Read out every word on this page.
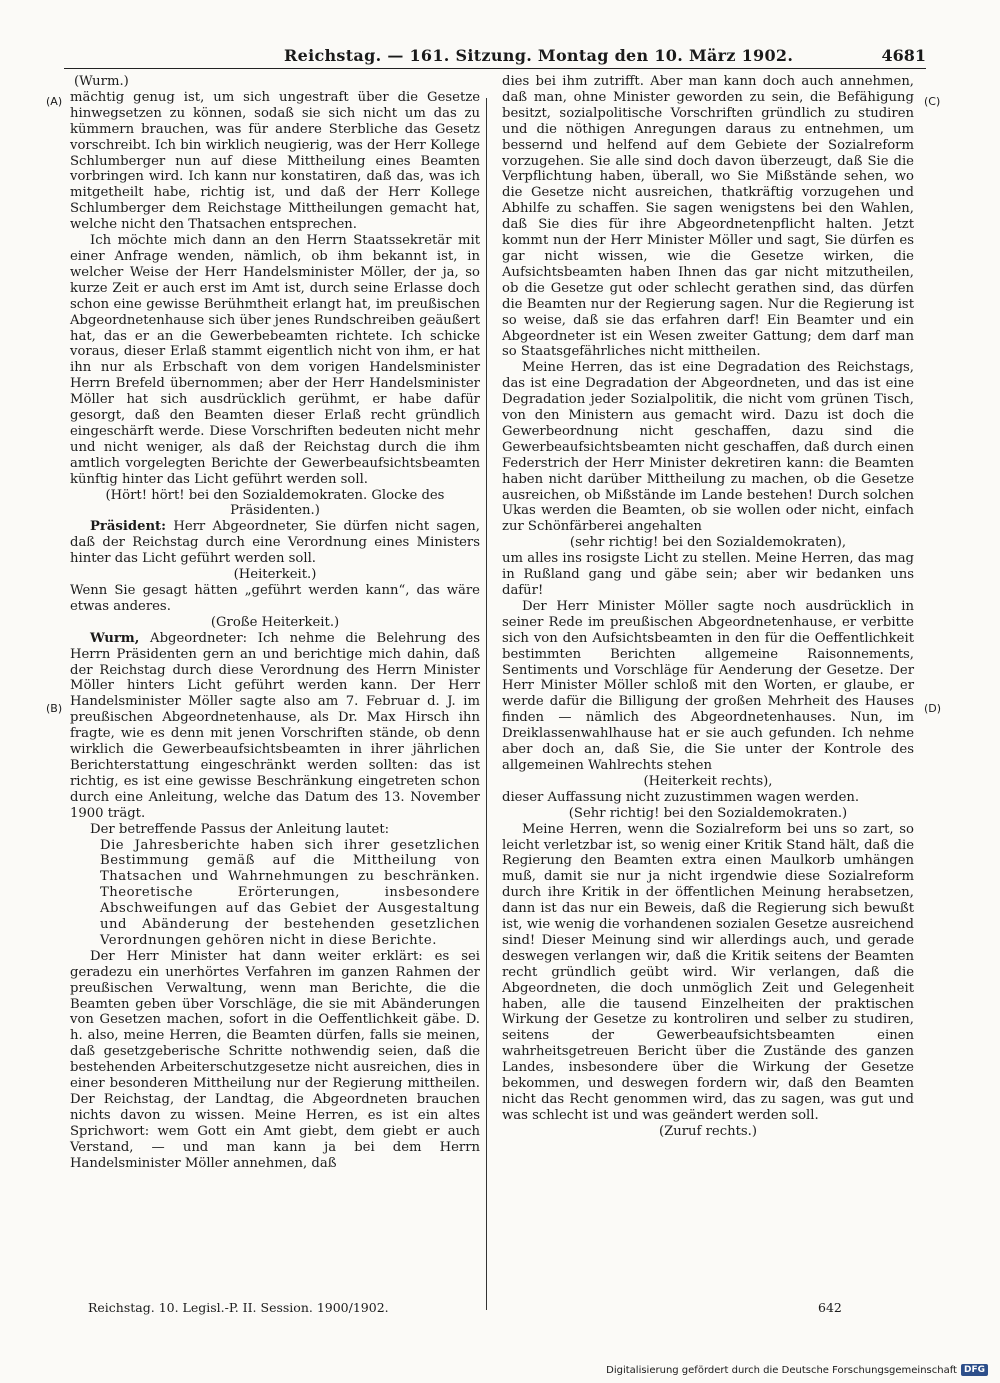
Reichstag. — 161. Sitzung. Montag den 10. März 1902.	4681
(A)
(B)
(C)
(D)

(Wurm.)

mächtig genug ist, um sich ungestraft über die Gesetze hinwegsetzen zu können, sodaß sie sich nicht um das zu kümmern brauchen, was für andere Sterbliche das Gesetz vorschreibt. Ich bin wirklich neugierig, was der Herr Kollege Schlumberger nun auf diese Mittheilung eines Beamten vorbringen wird. Ich kann nur konstatiren, daß das, was ich mitgetheilt habe, richtig ist, und daß der Herr Kollege Schlumberger dem Reichstage Mittheilungen gemacht hat, welche nicht den Thatsachen entsprechen.

Ich möchte mich dann an den Herrn Staatssekretär mit einer Anfrage wenden, nämlich, ob ihm bekannt ist, in welcher Weise der Herr Handelsminister Möller, der ja, so kurze Zeit er auch erst im Amt ist, durch seine Erlasse doch schon eine gewisse Berühmtheit erlangt hat, im preußischen Abgeordnetenhause sich über jenes Rundschreiben geäußert hat, das er an die Gewerbebeamten richtete. Ich schicke voraus, dieser Erlaß stammt eigentlich nicht von ihm, er hat ihn nur als Erbschaft von dem vorigen Handelsminister Herrn Brefeld übernommen; aber der Herr Handelsminister Möller hat sich ausdrücklich gerühmt, er habe dafür gesorgt, daß den Beamten dieser Erlaß recht gründlich eingeschärft werde. Diese Vorschriften bedeuten nicht mehr und nicht weniger, als daß der Reichstag durch die ihm amtlich vorgelegten Berichte der Gewerbeaufsichtsbeamten künftig hinter das Licht geführt werden soll.

(Hört! hört! bei den Sozialdemokraten. Glocke des Präsidenten.)

Präsident: Herr Abgeordneter, Sie dürfen nicht sagen, daß der Reichstag durch eine Verordnung eines Ministers hinter das Licht geführt werden soll.

(Heiterkeit.)

Wenn Sie gesagt hätten „geführt werden kann“, das wäre etwas anderes.

(Große Heiterkeit.)

Wurm, Abgeordneter: Ich nehme die Belehrung des Herrn Präsidenten gern an und berichtige mich dahin, daß der Reichstag durch diese Verordnung des Herrn Minister Möller hinters Licht geführt werden kann. Der Herr Handelsminister Möller sagte also am 7. Februar d. J. im preußischen Abgeordnetenhause, als Dr. Max Hirsch ihn fragte, wie es denn mit jenen Vorschriften stände, ob denn wirklich die Gewerbeaufsichtsbeamten in ihrer jährlichen Berichterstattung eingeschränkt werden sollten: das ist richtig, es ist eine gewisse Beschränkung eingetreten schon durch eine Anleitung, welche das Datum des 13. November 1900 trägt.

Der betreffende Passus der Anleitung lautet:

Die Jahresberichte haben sich ihrer gesetzlichen Bestimmung gemäß auf die Mittheilung von Thatsachen und Wahrnehmungen zu beschränken. Theoretische Erörterungen, insbesondere Abschweifungen auf das Gebiet der Ausgestaltung und Abänderung der bestehenden gesetzlichen Verordnungen gehören nicht in diese Berichte.

Der Herr Minister hat dann weiter erklärt: es sei geradezu ein unerhörtes Verfahren im ganzen Rahmen der preußischen Verwaltung, wenn man Berichte, die die Beamten geben über Vorschläge, die sie mit Abänderungen von Gesetzen machen, sofort in die Oeffentlichkeit gäbe. D. h. also, meine Herren, die Beamten dürfen, falls sie meinen, daß gesetzgeberische Schritte nothwendig seien, daß die bestehenden Arbeiterschutzgesetze nicht ausreichen, dies in einer besonderen Mittheilung nur der Regierung mittheilen. Der Reichstag, der Landtag, die Abgeordneten brauchen nichts davon zu wissen. Meine Herren, es ist ein altes Sprichwort: wem Gott ein Amt giebt, dem giebt er auch Verstand, — und man kann ja bei dem Herrn Handelsminister Möller annehmen, daß

dies bei ihm zutrifft. Aber man kann doch auch annehmen, daß man, ohne Minister geworden zu sein, die Befähigung besitzt, sozialpolitische Vorschriften gründlich zu studiren und die nöthigen Anregungen daraus zu entnehmen, um bessernd und helfend auf dem Gebiete der Sozialreform vorzugehen. Sie alle sind doch davon überzeugt, daß Sie die Verpflichtung haben, überall, wo Sie Mißstände sehen, wo die Gesetze nicht ausreichen, thatkräftig vorzugehen und Abhilfe zu schaffen. Sie sagen wenigstens bei den Wahlen, daß Sie dies für ihre Abgeordnetenpflicht halten. Jetzt kommt nun der Herr Minister Möller und sagt, Sie dürfen es gar nicht wissen, wie die Gesetze wirken, die Aufsichtsbeamten haben Ihnen das gar nicht mitzutheilen, ob die Gesetze gut oder schlecht gerathen sind, das dürfen die Beamten nur der Regierung sagen. Nur die Regierung ist so weise, daß sie das erfahren darf! Ein Beamter und ein Abgeordneter ist ein Wesen zweiter Gattung; dem darf man so Staatsgefährliches nicht mittheilen.

Meine Herren, das ist eine Degradation des Reichstags, das ist eine Degradation der Abgeordneten, und das ist eine Degradation jeder Sozialpolitik, die nicht vom grünen Tisch, von den Ministern aus gemacht wird. Dazu ist doch die Gewerbeordnung nicht geschaffen, dazu sind die Gewerbeaufsichtsbeamten nicht geschaffen, daß durch einen Federstrich der Herr Minister dekretiren kann: die Beamten haben nicht darüber Mittheilung zu machen, ob die Gesetze ausreichen, ob Mißstände im Lande bestehen! Durch solchen Ukas werden die Beamten, ob sie wollen oder nicht, einfach zur Schönfärberei angehalten

(sehr richtig! bei den Sozialdemokraten),

um alles ins rosigste Licht zu stellen. Meine Herren, das mag in Rußland gang und gäbe sein; aber wir bedanken uns dafür!

Der Herr Minister Möller sagte noch ausdrücklich in seiner Rede im preußischen Abgeordnetenhause, er verbitte sich von den Aufsichtsbeamten in den für die Oeffentlichkeit bestimmten Berichten allgemeine Raisonnements, Sentiments und Vorschläge für Aenderung der Gesetze. Der Herr Minister Möller schloß mit den Worten, er glaube, er werde dafür die Billigung der großen Mehrheit des Hauses finden — nämlich des Abgeordnetenhauses. Nun, im Dreiklassenwahlhause hat er sie auch gefunden. Ich nehme aber doch an, daß Sie, die Sie unter der Kontrole des allgemeinen Wahlrechts stehen

(Heiterkeit rechts),

dieser Auffassung nicht zuzustimmen wagen werden.

(Sehr richtig! bei den Sozialdemokraten.)

Meine Herren, wenn die Sozialreform bei uns so zart, so leicht verletzbar ist, so wenig einer Kritik Stand hält, daß die Regierung den Beamten extra einen Maulkorb umhängen muß, damit sie nur ja nicht irgendwie diese Sozialreform durch ihre Kritik in der öffentlichen Meinung herabsetzen, dann ist das nur ein Beweis, daß die Regierung sich bewußt ist, wie wenig die vorhandenen sozialen Gesetze ausreichend sind! Dieser Meinung sind wir allerdings auch, und gerade deswegen verlangen wir, daß die Kritik seitens der Beamten recht gründlich geübt wird. Wir verlangen, daß die Abgeordneten, die doch unmöglich Zeit und Gelegenheit haben, alle die tausend Einzelheiten der praktischen Wirkung der Gesetze zu kontroliren und selber zu studiren, seitens der Gewerbeaufsichtsbeamten einen wahrheitsgetreuen Bericht über die Zustände des ganzen Landes, insbesondere über die Wirkung der Gesetze bekommen, und deswegen fordern wir, daß den Beamten nicht das Recht genommen wird, das zu sagen, was gut und was schlecht ist und was geändert werden soll.

(Zuruf rechts.)

Reichstag. 10. Legisl.-P. II. Session. 1900/1902.	642
Digitalisierung gefördert durch die Deutsche Forschungsgemeinschaft DFG
